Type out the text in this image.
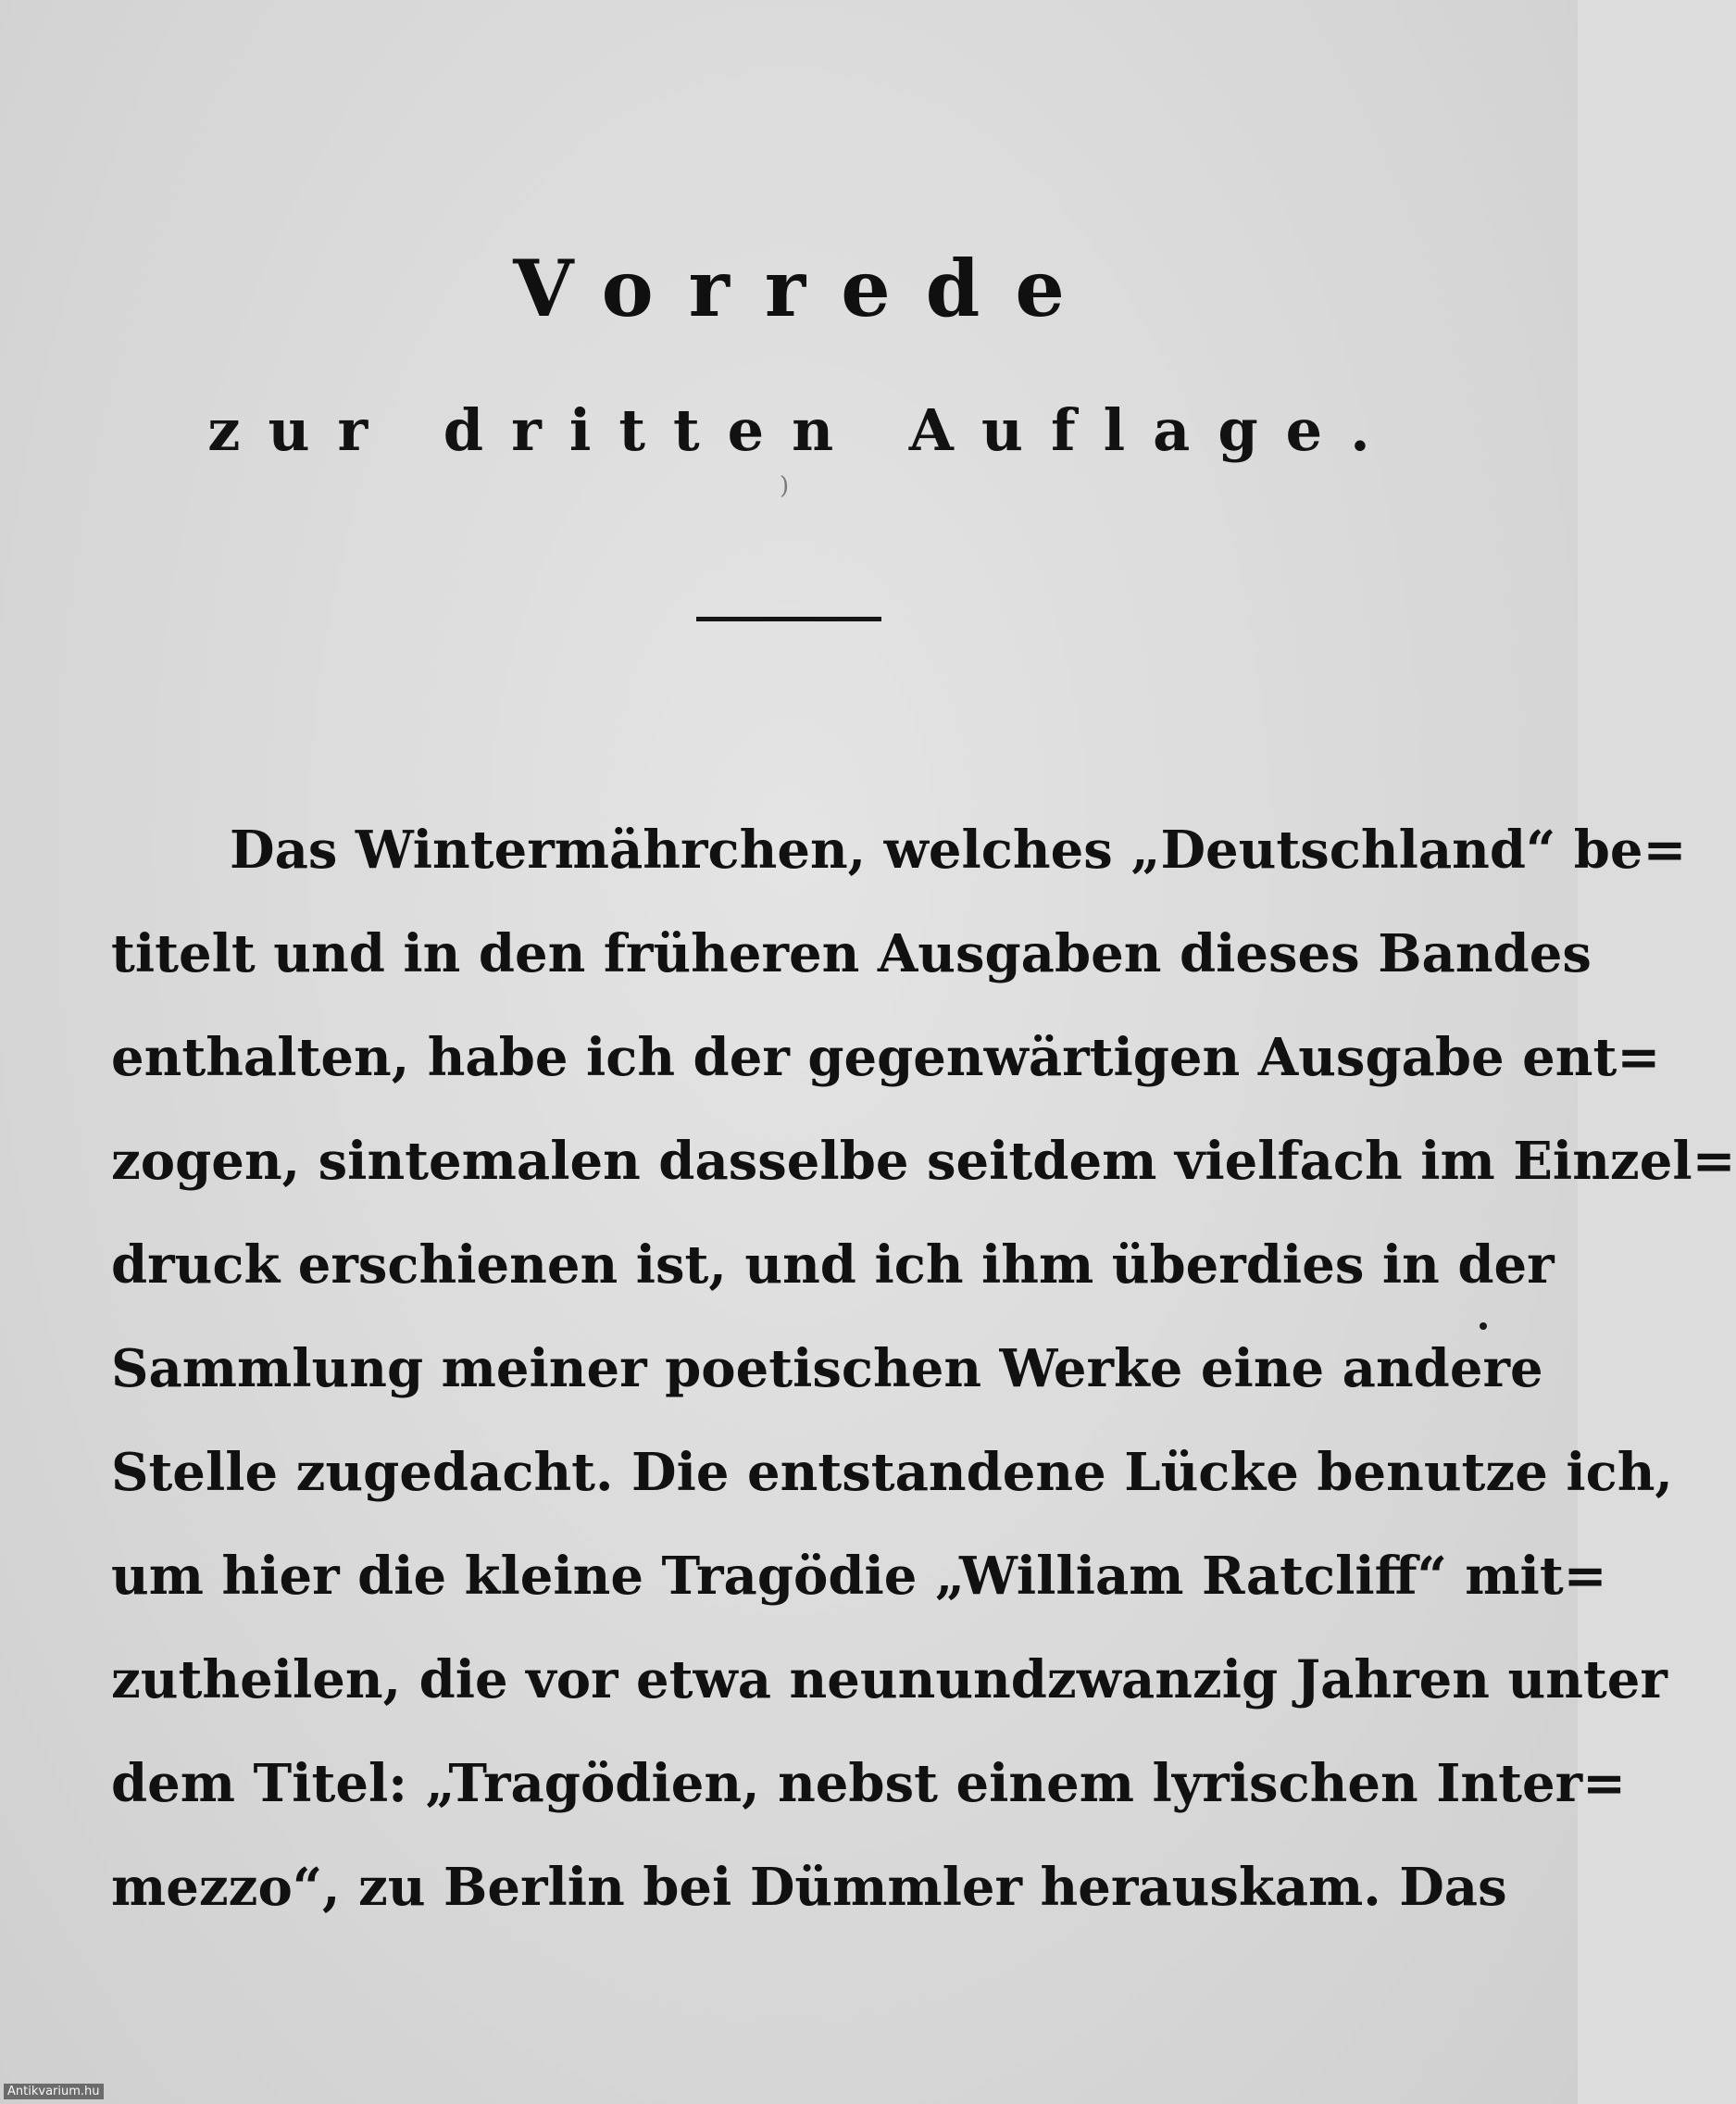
Vorrede
zur dritten Auflage.
)
Das Wintermährchen, welches „Deutschland“ be=
titelt und in den früheren Ausgaben dieses Bandes
enthalten, habe ich der gegenwärtigen Ausgabe ent=
zogen, sintemalen dasselbe seitdem vielfach im Einzel=
druck erschienen ist, und ich ihm überdies in der
Sammlung meiner poetischen Werke eine andere
Stelle zugedacht. Die entstandene Lücke benutze ich,
um hier die kleine Tragödie „William Ratcliff“ mit=
zutheilen, die vor etwa neunundzwanzig Jahren unter
dem Titel: „Tragödien, nebst einem lyrischen Inter=
mezzo“, zu Berlin bei Dümmler herauskam. Das
Antikvarium.hu
